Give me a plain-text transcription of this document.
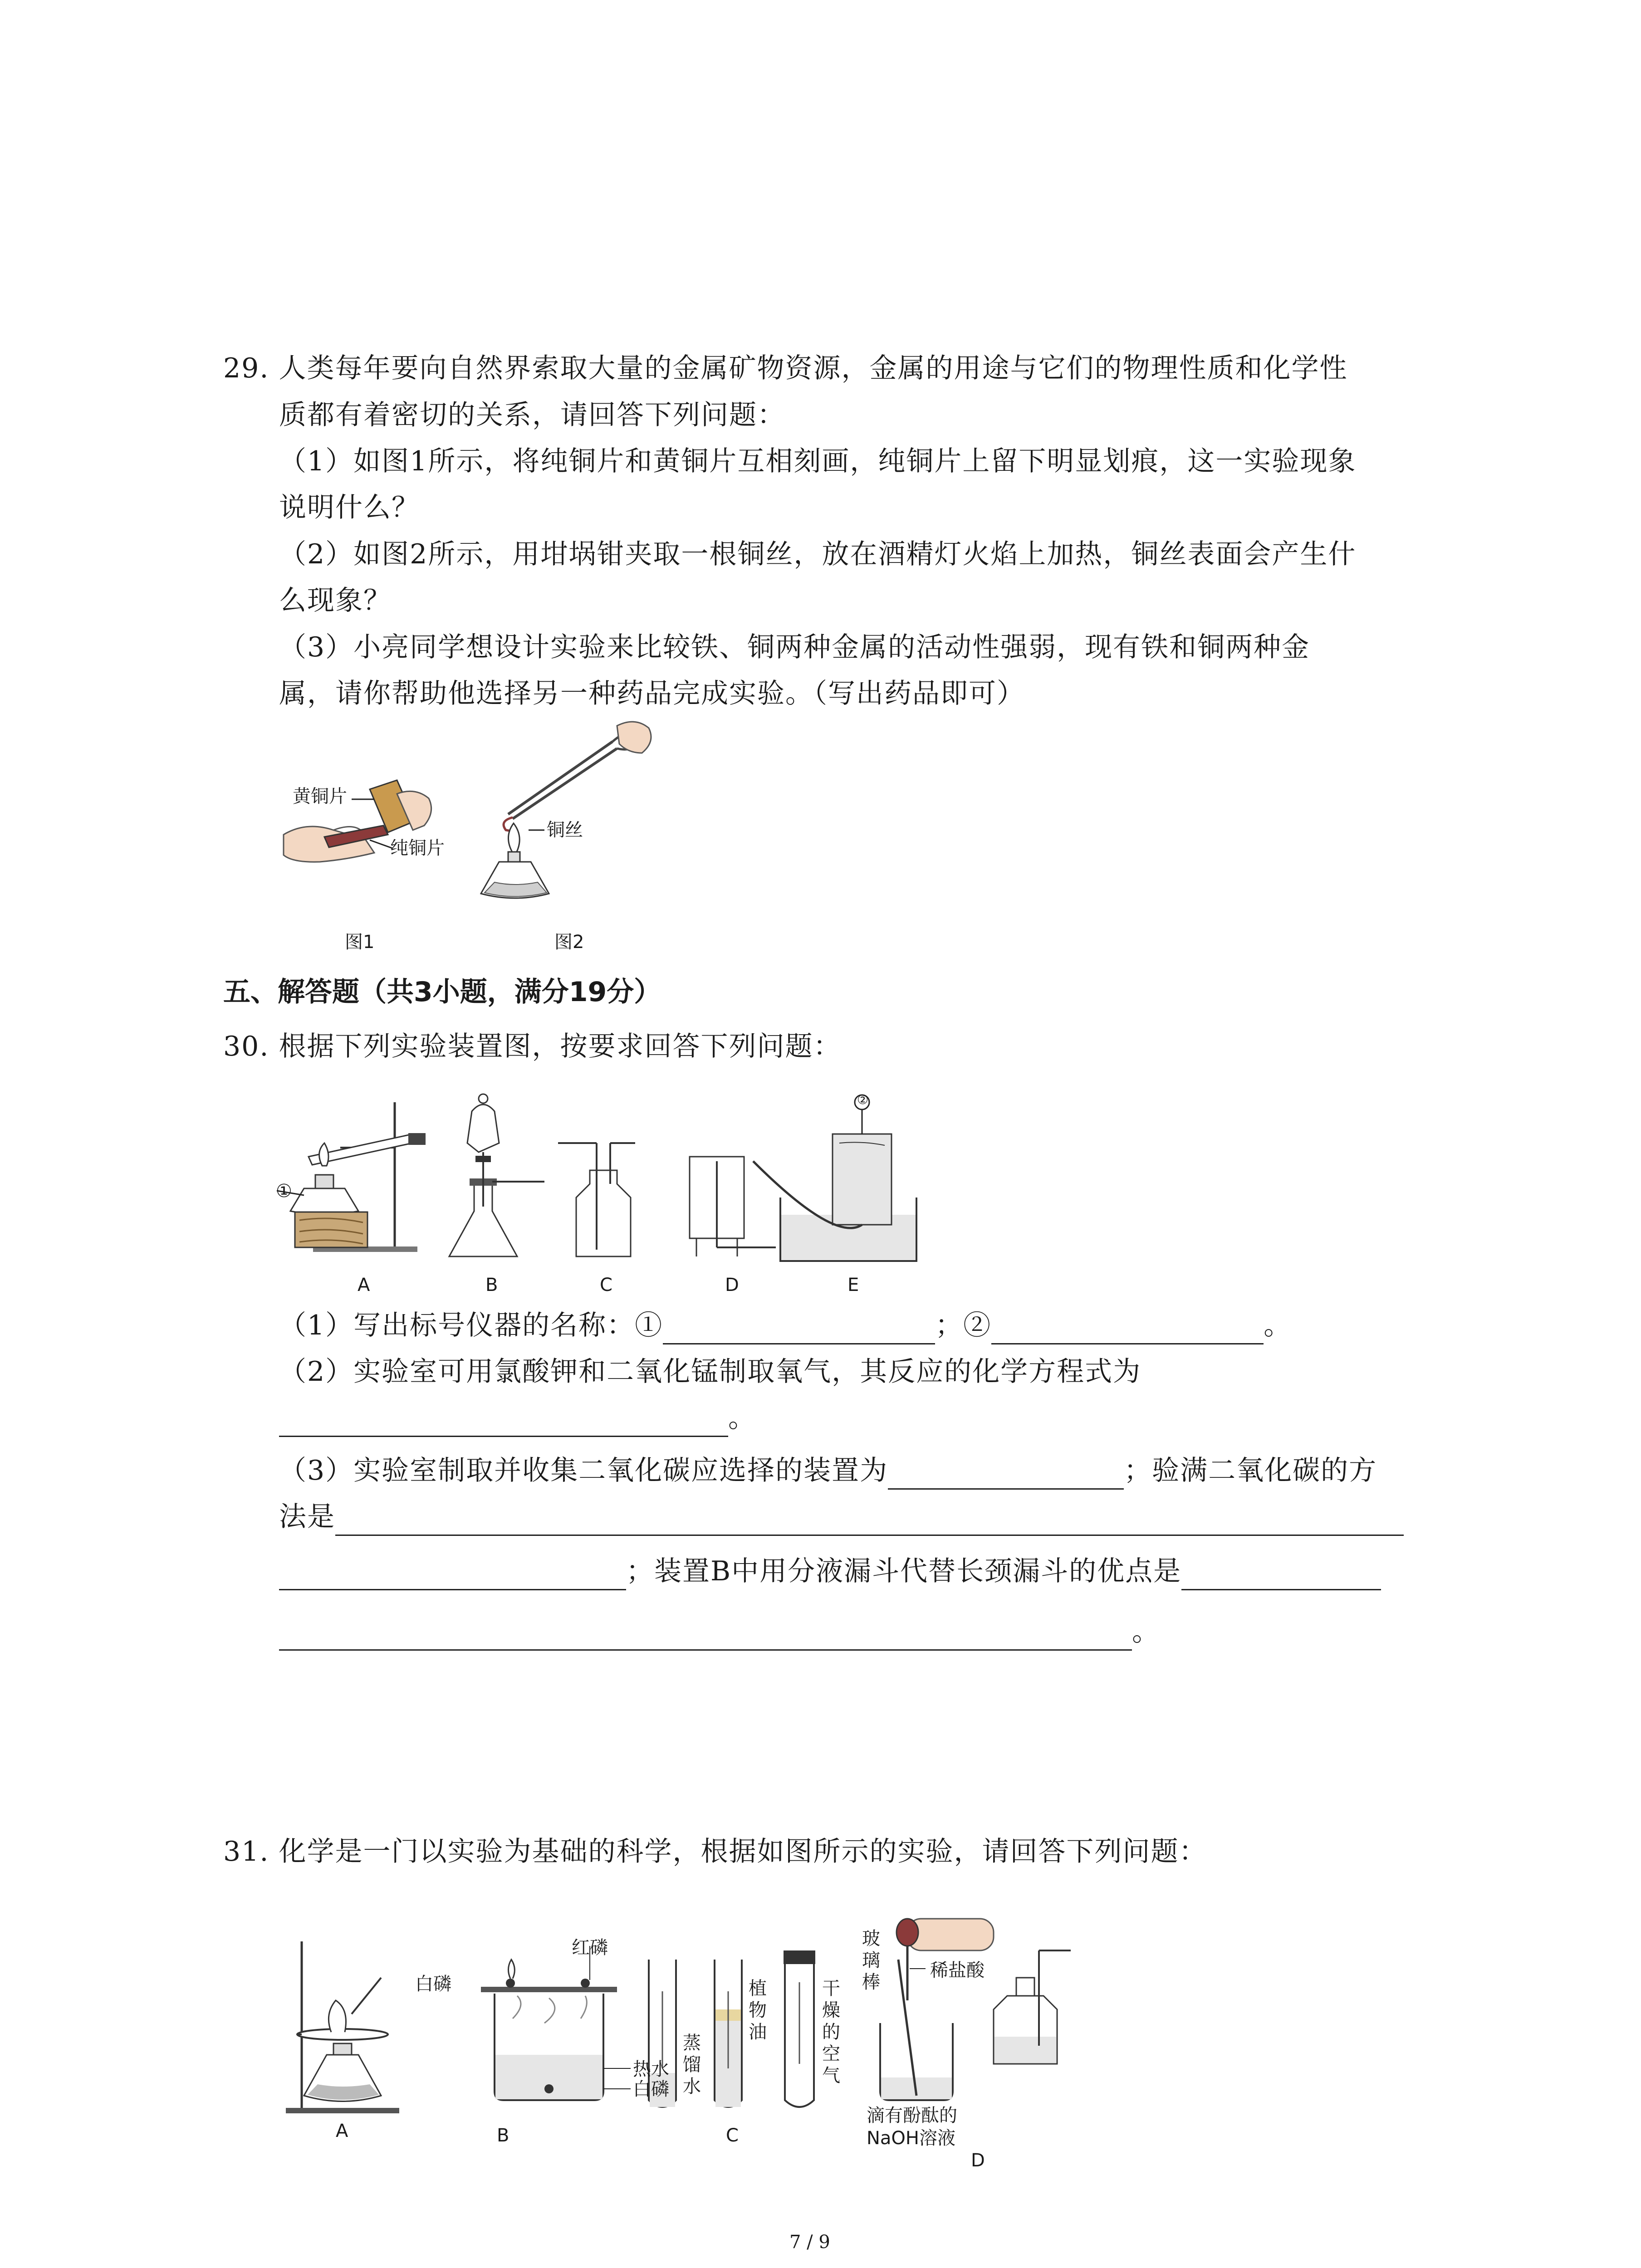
29. 人类每年要向自然界索取大量的金属矿物资源，金属的用途与它们的物理性质和化学性
质都有着密切的关系，请回答下列问题：
（1）如图1所示，将纯铜片和黄铜片互相刻画，纯铜片上留下明显划痕，这一实验现象
说明什么？
（2）如图2所示，用坩埚钳夹取一根铜丝，放在酒精灯火焰上加热，铜丝表面会产生什
么现象？
（3）小亮同学想设计实验来比较铁、铜两种金属的活动性强弱，现有铁和铜两种金
属，请你帮助他选择另一种药品完成实验。（写出药品即可）
黄铜片
纯铜片
图1
铜丝
图2
五、解答题（共3小题，满分19分）
30. 根据下列实验装置图，按要求回答下列问题：
①
②
A	B	C	D	E
（1）写出标号仪器的名称：①	；②	。
（2）实验室可用氯酸钾和二氧化锰制取氧气，其反应的化学方程式为
。
（3）实验室制取并收集二氧化碳应选择的装置为	；验满二氧化碳的方
法是
；装置B中用分液漏斗代替长颈漏斗的优点是
。
31. 化学是一门以实验为基础的科学，根据如图所示的实验，请回答下列问题：
白磷
红磷
热水
白磷
蒸馏水
植物油
干燥的空气
玻璃棒
稀盐酸
滴有酚酞的
NaOH溶液
A	B	C
D
7 / 9
